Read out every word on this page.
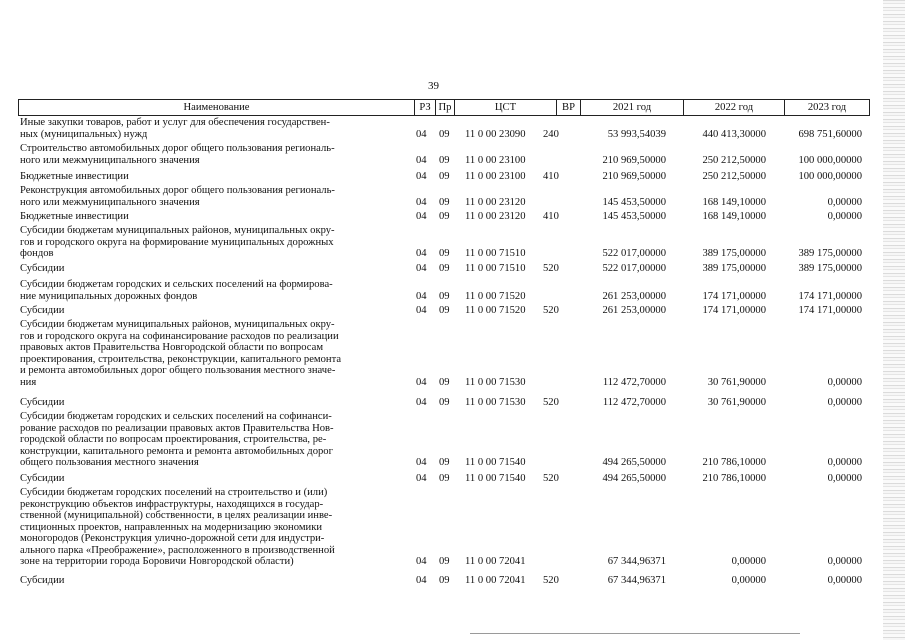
39
Наименование	РЗ Пр	ЦСТ	ВР	2021 год	2022 год	2023 год
Иные закупки товаров, работ и услуг для обеспечения государствен-
ных (муниципальных) нужд	04 09 11 0 00 23090 240	53 993,54039	440 413,30000	698 751,60000
Строительство автомобильных дорог общего пользования региональ-
ного или межмуниципального значения	04 09 11 0 00 23100	210 969,50000	250 212,50000	100 000,00000
Бюджетные инвестиции	04 09 11 0 00 23100 410	210 969,50000	250 212,50000	100 000,00000
Реконструкция автомобильных дорог общего пользования региональ-
ного или межмуниципального значения	04 09 11 0 00 23120	145 453,50000	168 149,10000	0,00000
Бюджетные инвестиции	04 09 11 0 00 23120 410	145 453,50000	168 149,10000	0,00000
Субсидии бюджетам муниципальных районов, муниципальных окру-
гов и городского округа на формирование муниципальных дорожных
фондов	04 09 11 0 00 71510	522 017,00000	389 175,00000	389 175,00000
Субсидии	04 09 11 0 00 71510 520	522 017,00000	389 175,00000	389 175,00000
Субсидии бюджетам городских и сельских поселений на формирова-
ние муниципальных дорожных фондов	04 09 11 0 00 71520	261 253,00000	174 171,00000	174 171,00000
Субсидии	04 09 11 0 00 71520 520	261 253,00000	174 171,00000	174 171,00000
Субсидии бюджетам муниципальных районов, муниципальных окру-
гов и городского округа на софинансирование расходов по реализации
правовых актов Правительства Новгородской области по вопросам
проектирования, строительства, реконструкции, капитального ремонта
и ремонта автомобильных дорог общего пользования местного значе-
ния	04 09 11 0 00 71530	112 472,70000	30 761,90000	0,00000
Субсидии	04 09 11 0 00 71530 520	112 472,70000	30 761,90000	0,00000
Субсидии бюджетам городских и сельских поселений на софинанси-
рование расходов по реализации правовых актов Правительства Нов-
городской области по вопросам проектирования, строительства, ре-
конструкции, капитального ремонта и ремонта автомобильных дорог
общего пользования местного значения	04 09 11 0 00 71540	494 265,50000	210 786,10000	0,00000
Субсидии	04 09 11 0 00 71540 520	494 265,50000	210 786,10000	0,00000
Субсидии бюджетам городских поселений на строительство и (или)
реконструкцию объектов инфраструктуры, находящихся в государ-
ственной (муниципальной) собственности, в целях реализации инве-
стиционных проектов, направленных на модернизацию экономики
моногородов (Реконструкция улично-дорожной сети для индустри-
ального парка «Преображение», расположенного в производственной
зоне на территории города Боровичи Новгородской области)	04 09 11 0 00 72041	67 344,96371	0,00000	0,00000
Субсидии	04 09 11 0 00 72041 520	67 344,96371	0,00000	0,00000
